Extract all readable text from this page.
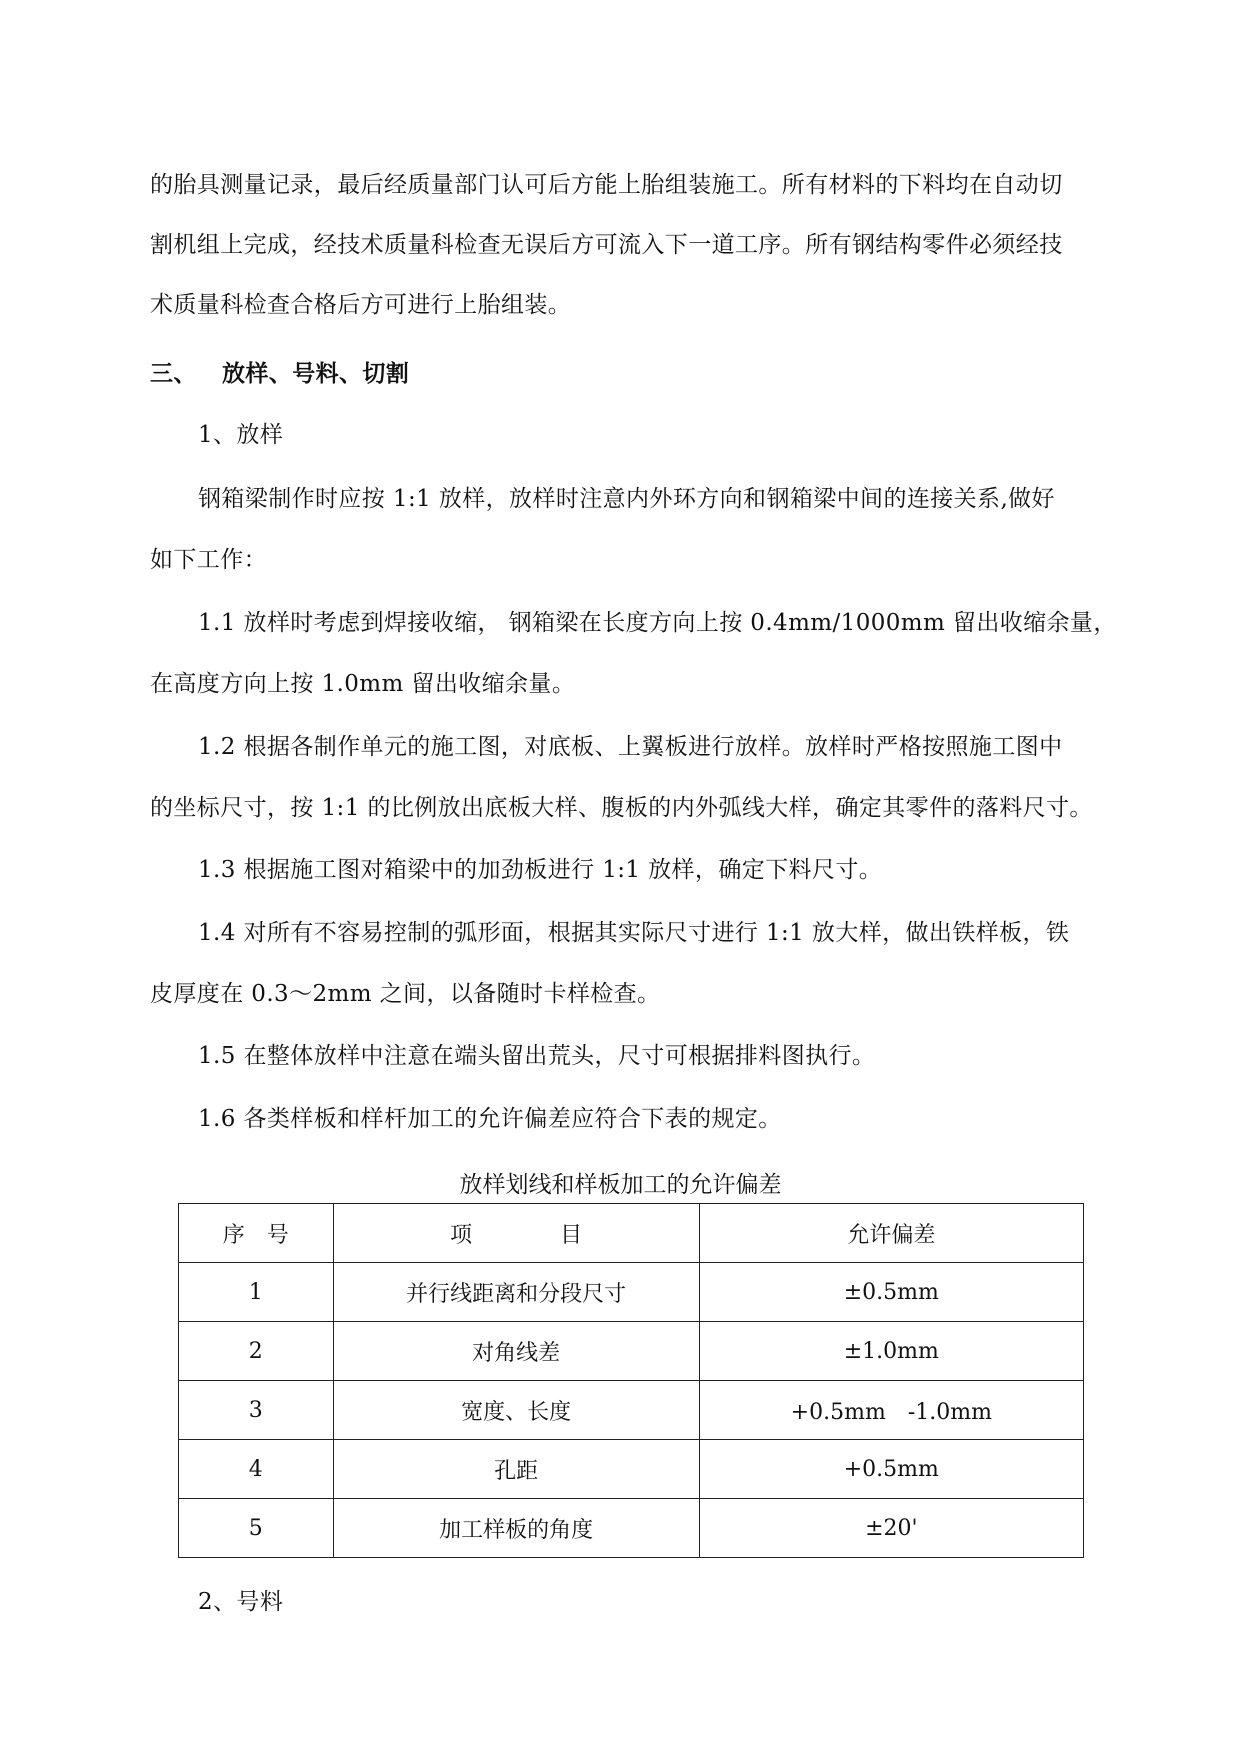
的胎具测量记录，最后经质量部门认可后方能上胎组装施工。所有材料的下料均在自动切
割机组上完成，经技术质量科检查无误后方可流入下一道工序。所有钢结构零件必须经技
术质量科检查合格后方可进行上胎组装。
三、 放样、号料、切割
1、放样
钢箱梁制作时应按 1:1 放样，放样时注意内外环方向和钢箱梁中间的连接关系,做好
如下工作：
1.1 放样时考虑到焊接收缩， 钢箱梁在长度方向上按 0.4mm/1000mm 留出收缩余量，
在高度方向上按 1.0mm 留出收缩余量。
1.2 根据各制作单元的施工图，对底板、上翼板进行放样。放样时严格按照施工图中
的坐标尺寸，按 1:1 的比例放出底板大样、腹板的内外弧线大样，确定其零件的落料尺寸。
1.3 根据施工图对箱梁中的加劲板进行 1:1 放样，确定下料尺寸。
1.4 对所有不容易控制的弧形面，根据其实际尺寸进行 1:1 放大样，做出铁样板，铁
皮厚度在 0.3～2mm 之间，以备随时卡样检查。
1.5 在整体放样中注意在端头留出荒头，尺寸可根据排料图执行。
1.6 各类样板和样杆加工的允许偏差应符合下表的规定。
放样划线和样板加工的允许偏差
序　号	项　　　　目	允许偏差
1	并行线距离和分段尺寸	±0.5mm
2	对角线差	±1.0mm
3	宽度、长度	+0.5mm　-1.0mm
4	孔距	+0.5mm
5	加工样板的角度	±20'
2、号料
